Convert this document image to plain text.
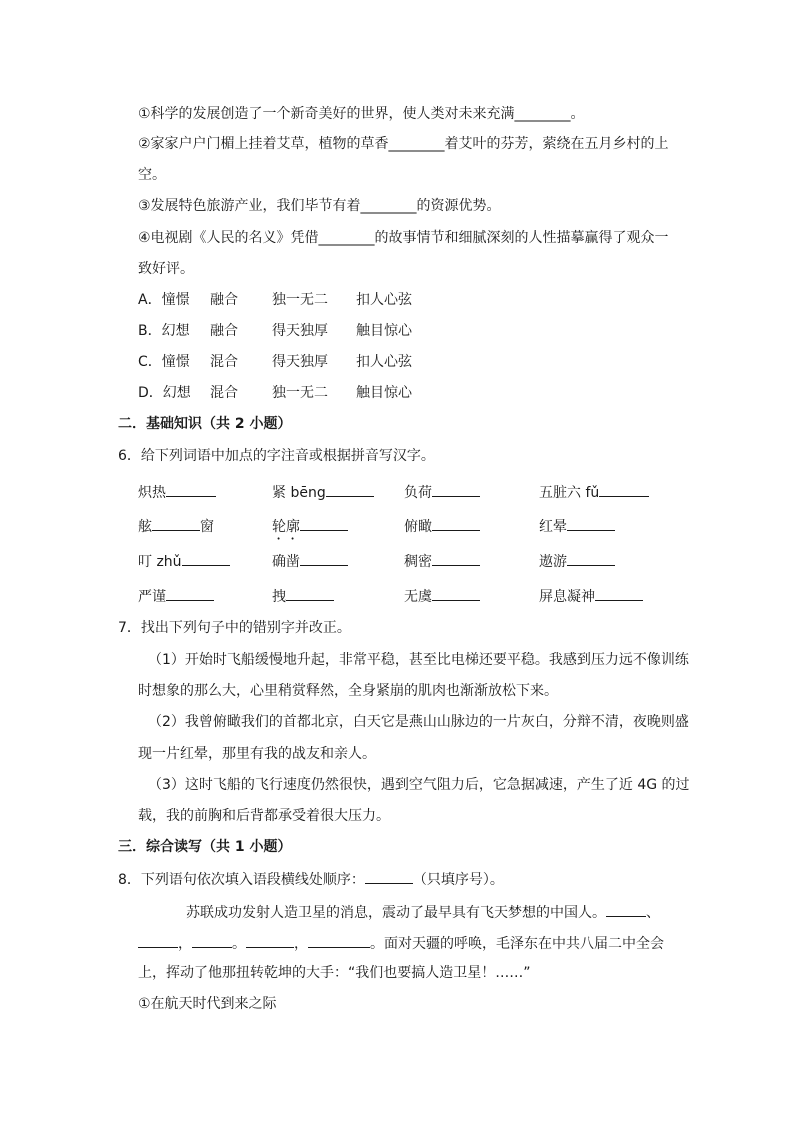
①科学的发展创造了一个新奇美好的世界，使人类对未来充满________。
②家家户户门楣上挂着艾草，植物的草香________着艾叶的芬芳，萦绕在五月乡村的上
空。
③发展特色旅游产业，我们毕节有着________的资源优势。
④电视剧《人民的名义》凭借________的故事情节和细腻深刻的人性描摹赢得了观众一
致好评。
A．憧憬 融合 独一无二 扣人心弦
B．幻想 融合 得天独厚 触目惊心
C．憧憬 混合 得天独厚 扣人心弦
D．幻想 混合 独一无二 触目惊心
二．基础知识（共 2 小题）
6．给下列词语中加点的字注音或根据拼音写汉字。
炽热	紧 bēng	负荷	五脏六 fǔ
舷	窗	轮廓	俯瞰	红晕
叮 zhǔ	确凿	稠密	遨游
严谨	拽	无虞	屏息凝神
7．找出下列句子中的错别字并改正。
（1）开始时飞船缓慢地升起，非常平稳，甚至比电梯还要平稳。我感到压力远不像训练
时想象的那么大，心里稍赏释然，全身紧崩的肌肉也渐渐放松下来。
（2）我曾俯瞰我们的首都北京，白天它是燕山山脉边的一片灰白，分辩不清，夜晚则盛
现一片红晕，那里有我的战友和亲人。
（3）这时飞船的飞行速度仍然很快，遇到空气阻力后，它急据减速，产生了近 4G 的过
载，我的前胸和后背都承受着很大压力。
三．综合读写（共 1 小题）
8．下列语句依次填入语段横线处顺序：	（只填序号）。
苏联成功发射人造卫星的消息，震动了最早具有飞天梦想的中国人。	、
，	。	，	。面对天疆的呼唤，毛泽东在中共八届二中全会
上，挥动了他那扭转乾坤的大手：“我们也要搞人造卫星！……”
①在航天时代到来之际
